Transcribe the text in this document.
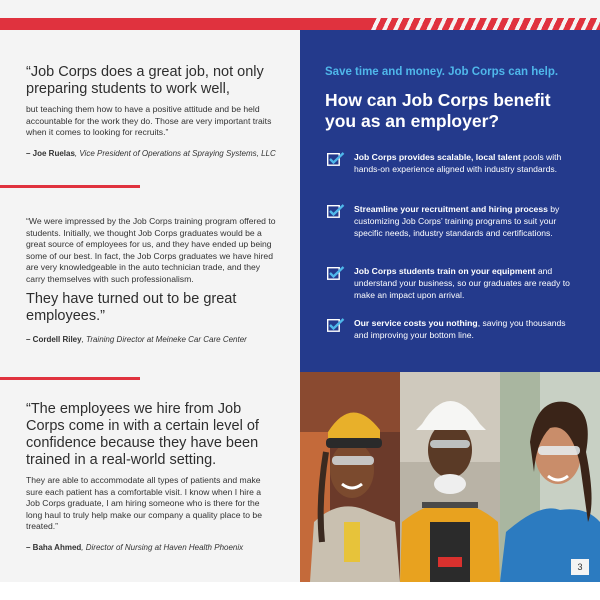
“Job Corps does a great job, not only preparing students to work well,
but teaching them how to have a positive attitude and be held accountable for the work they do. Those are very important traits when it comes to looking for recruits.”
– Joe Ruelas, Vice President of Operations at Spraying Systems, LLC
“We were impressed by the Job Corps training program offered to students. Initially, we thought Job Corps graduates would be a great source of employees for us, and they have ended up being some of our best. In fact, the Job Corps graduates we have hired are very knowledgeable in the auto technician trade, and they carry themselves with such professionalism.
They have turned out to be great employees.”
– Cordell Riley, Training Director at Meineke Car Care Center
“The employees we hire from Job Corps come in with a certain level of confidence because they have been trained in a real-world setting.
They are able to accommodate all types of patients and make sure each patient has a comfortable visit. I know when I hire a Job Corps graduate, I am hiring someone who is there for the long haul to truly help make our company a quality place to be treated.”
– Baha Ahmed, Director of Nursing at Haven Health Phoenix
Save time and money. Job Corps can help.
How can Job Corps benefit you as an employer?
Job Corps provides scalable, local talent pools with hands-on experience aligned with industry standards.
Streamline your recruitment and hiring process by customizing Job Corps’ training programs to suit your specific needs, industry standards and certifications.
Job Corps students train on your equipment and understand your business, so our graduates are ready to make an impact upon arrival.
Our service costs you nothing, saving you thousands and improving your bottom line.
3
